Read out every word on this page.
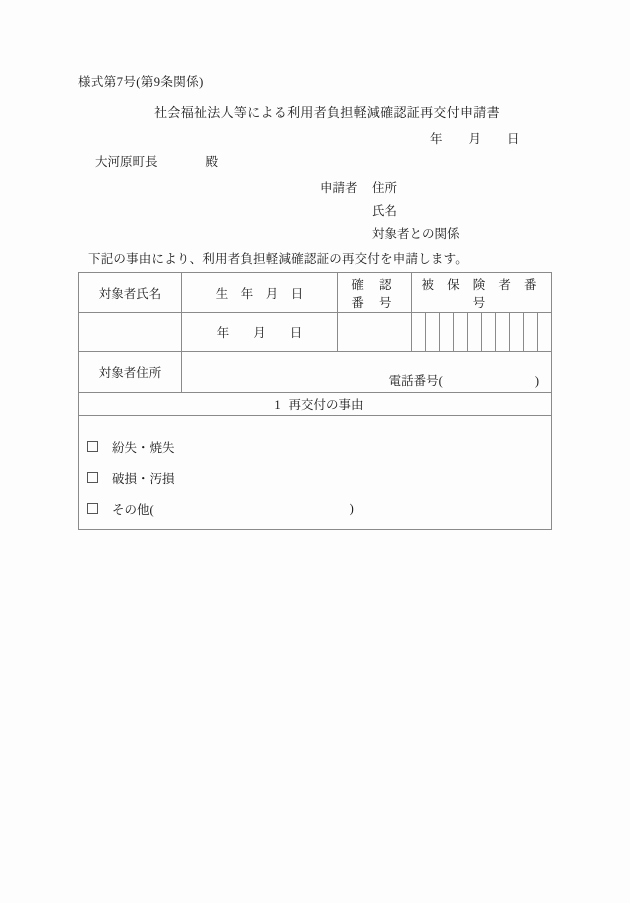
様式第7号(第9条関係)
社会福祉法人等による利用者負担軽減確認証再交付申請書
年 月 日
大河原町長	殿
申請者 住所
氏名
対象者との関係
下記の事由により、利用者負担軽減確認証の再交付を申請します。
対象者氏名	生　年　月　日	確 認 番 号	被 保 険 者 番 号
	年 月 日		

対象者住所	電話番号( )		

1 再交付の事由			

紛失・焼失
破損・汚損
その他( )			
